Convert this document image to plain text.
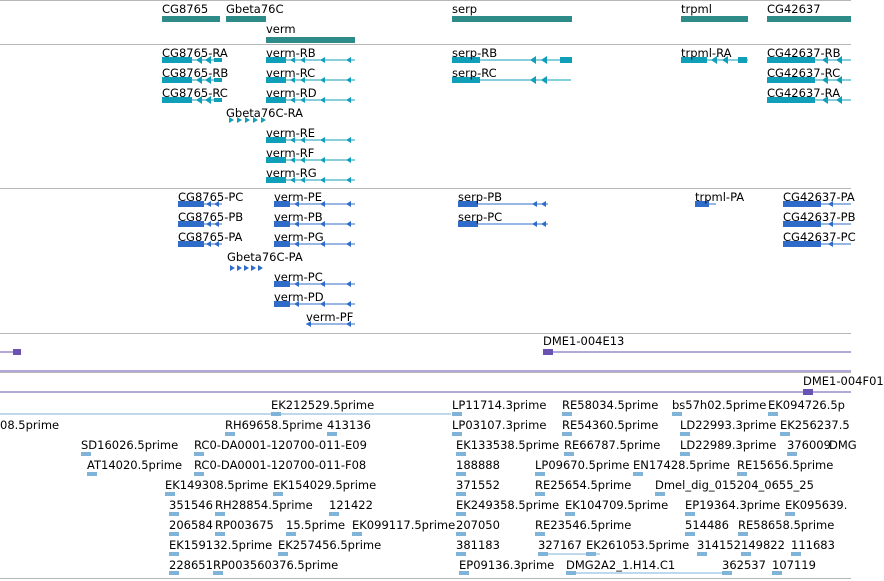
CG8765 Gbeta76C
verm
serp	trpml	CG42637
CG8765-RA
CG8765-RB
CG8765-RC
Gbeta76C-RA
verm-RB
verm-RC
verm-RD
verm-RE
verm-RF
verm-RG
serp-RB
serp-RC
trpml-RA	CG42637-RB
CG42637-RC
CG42637-RA
CG8765-PC
CG8765-PB
CG8765-PA
Gbeta76C-PA
verm-PE
verm-PB
verm-PG
verm-PC
verm-PD
verm-PF
serp-PB
serp-PC
trpml-PA	CG42637-PA
CG42637-PB
CG42637-PC
DME1-004E13
DME1-004F01
08.5prime
EK212529.5prime
RH69658.5prime 413136
SD16026.5prime RC0-DA0001-120700-011-E09
AT14020.5prime RC0-DA0001-120700-011-F08
EK149308.5prime EK154029.5prime
351546 RH28854.5prime 121422
206584 RP003675 15.5prime EK099117.5prime
EK159132.5prime EK257456.5prime
228651 RP003560376.5prime
LP11714.3prime RE58034.5prime bs57h02.5prime EK094726.5p
LP03107.3prime RE54360.5prime LD22993.3prime EK256237.5
EK133538.5prime RE66787.5prime LD22989.3prime 376009
DMG
188888	LP09670.5prime EN17428.5prime RE15656.5prime
371552	RE25654.5prime Dmel_dig_015204_0655_25
EK249358.5prime EK104709.5prime EP19364.3prime EK095639.
207050	RE23546.5prime	514486 RE58658.5prime
381183	327167 EK261053.5prime 314152 149822 111683
EP09136.3prime DMG2A2_1.H14.C1	362537 107119
